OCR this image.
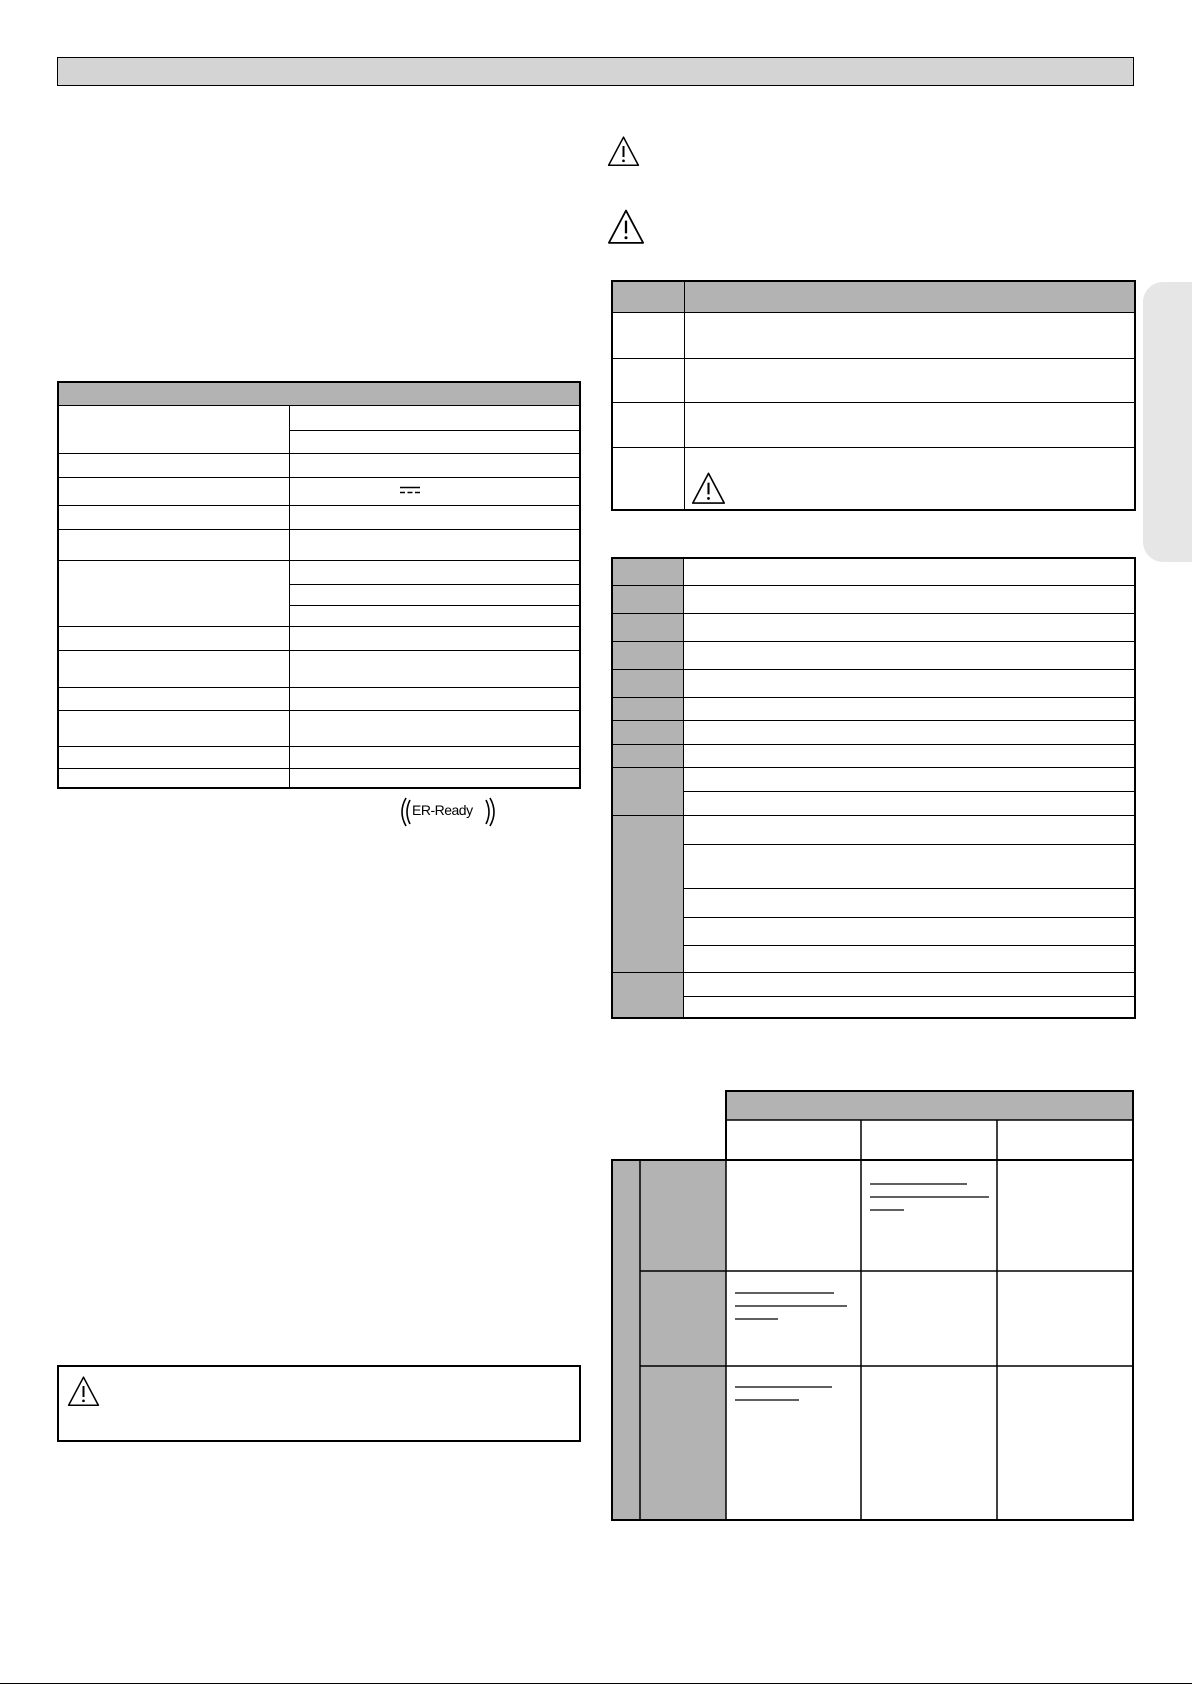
ER-Ready
